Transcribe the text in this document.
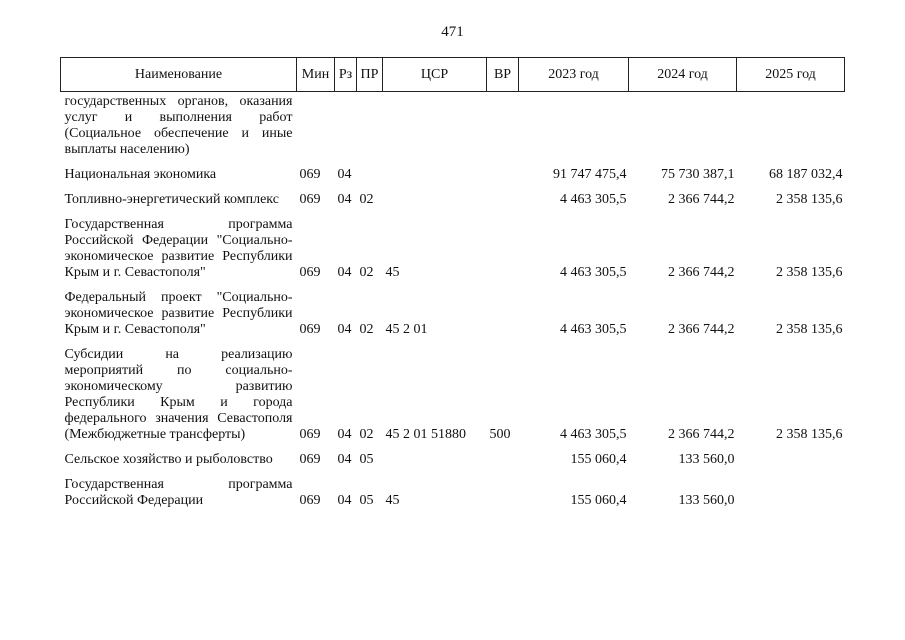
471
Наименование	Мин	Рз	ПР	ЦСР	ВР	2023 год	2024 год	2025 год
государственных органов, оказания услуг и выполнения работ (Социальное обеспечение и иные выплаты населению)								
Национальная экономика	069	04				91 747 475,4	75 730 387,1	68 187 032,4
Топливно-энергетический комплекс	069	04	02			4 463 305,5	2 366 744,2	2 358 135,6
Государственная программа Российской Федерации "Социально-экономическое развитие Республики Крым и г. Севастополя"	069	04	02	45		4 463 305,5	2 366 744,2	2 358 135,6
Федеральный проект "Социально-экономическое развитие Республики Крым и г. Севастополя"	069	04	02	45 2 01		4 463 305,5	2 366 744,2	2 358 135,6
Субсидии на реализацию мероприятий по социально-экономическому развитию Республики Крым и города федерального значения Севастополя (Межбюджетные трансферты)	069	04	02	45 2 01 51880	500	4 463 305,5	2 366 744,2	2 358 135,6
Сельское хозяйство и рыболовство	069	04	05			155 060,4	133 560,0	
Государственная программа Российской Федерации	069	04	05	45		155 060,4	133 560,0	
